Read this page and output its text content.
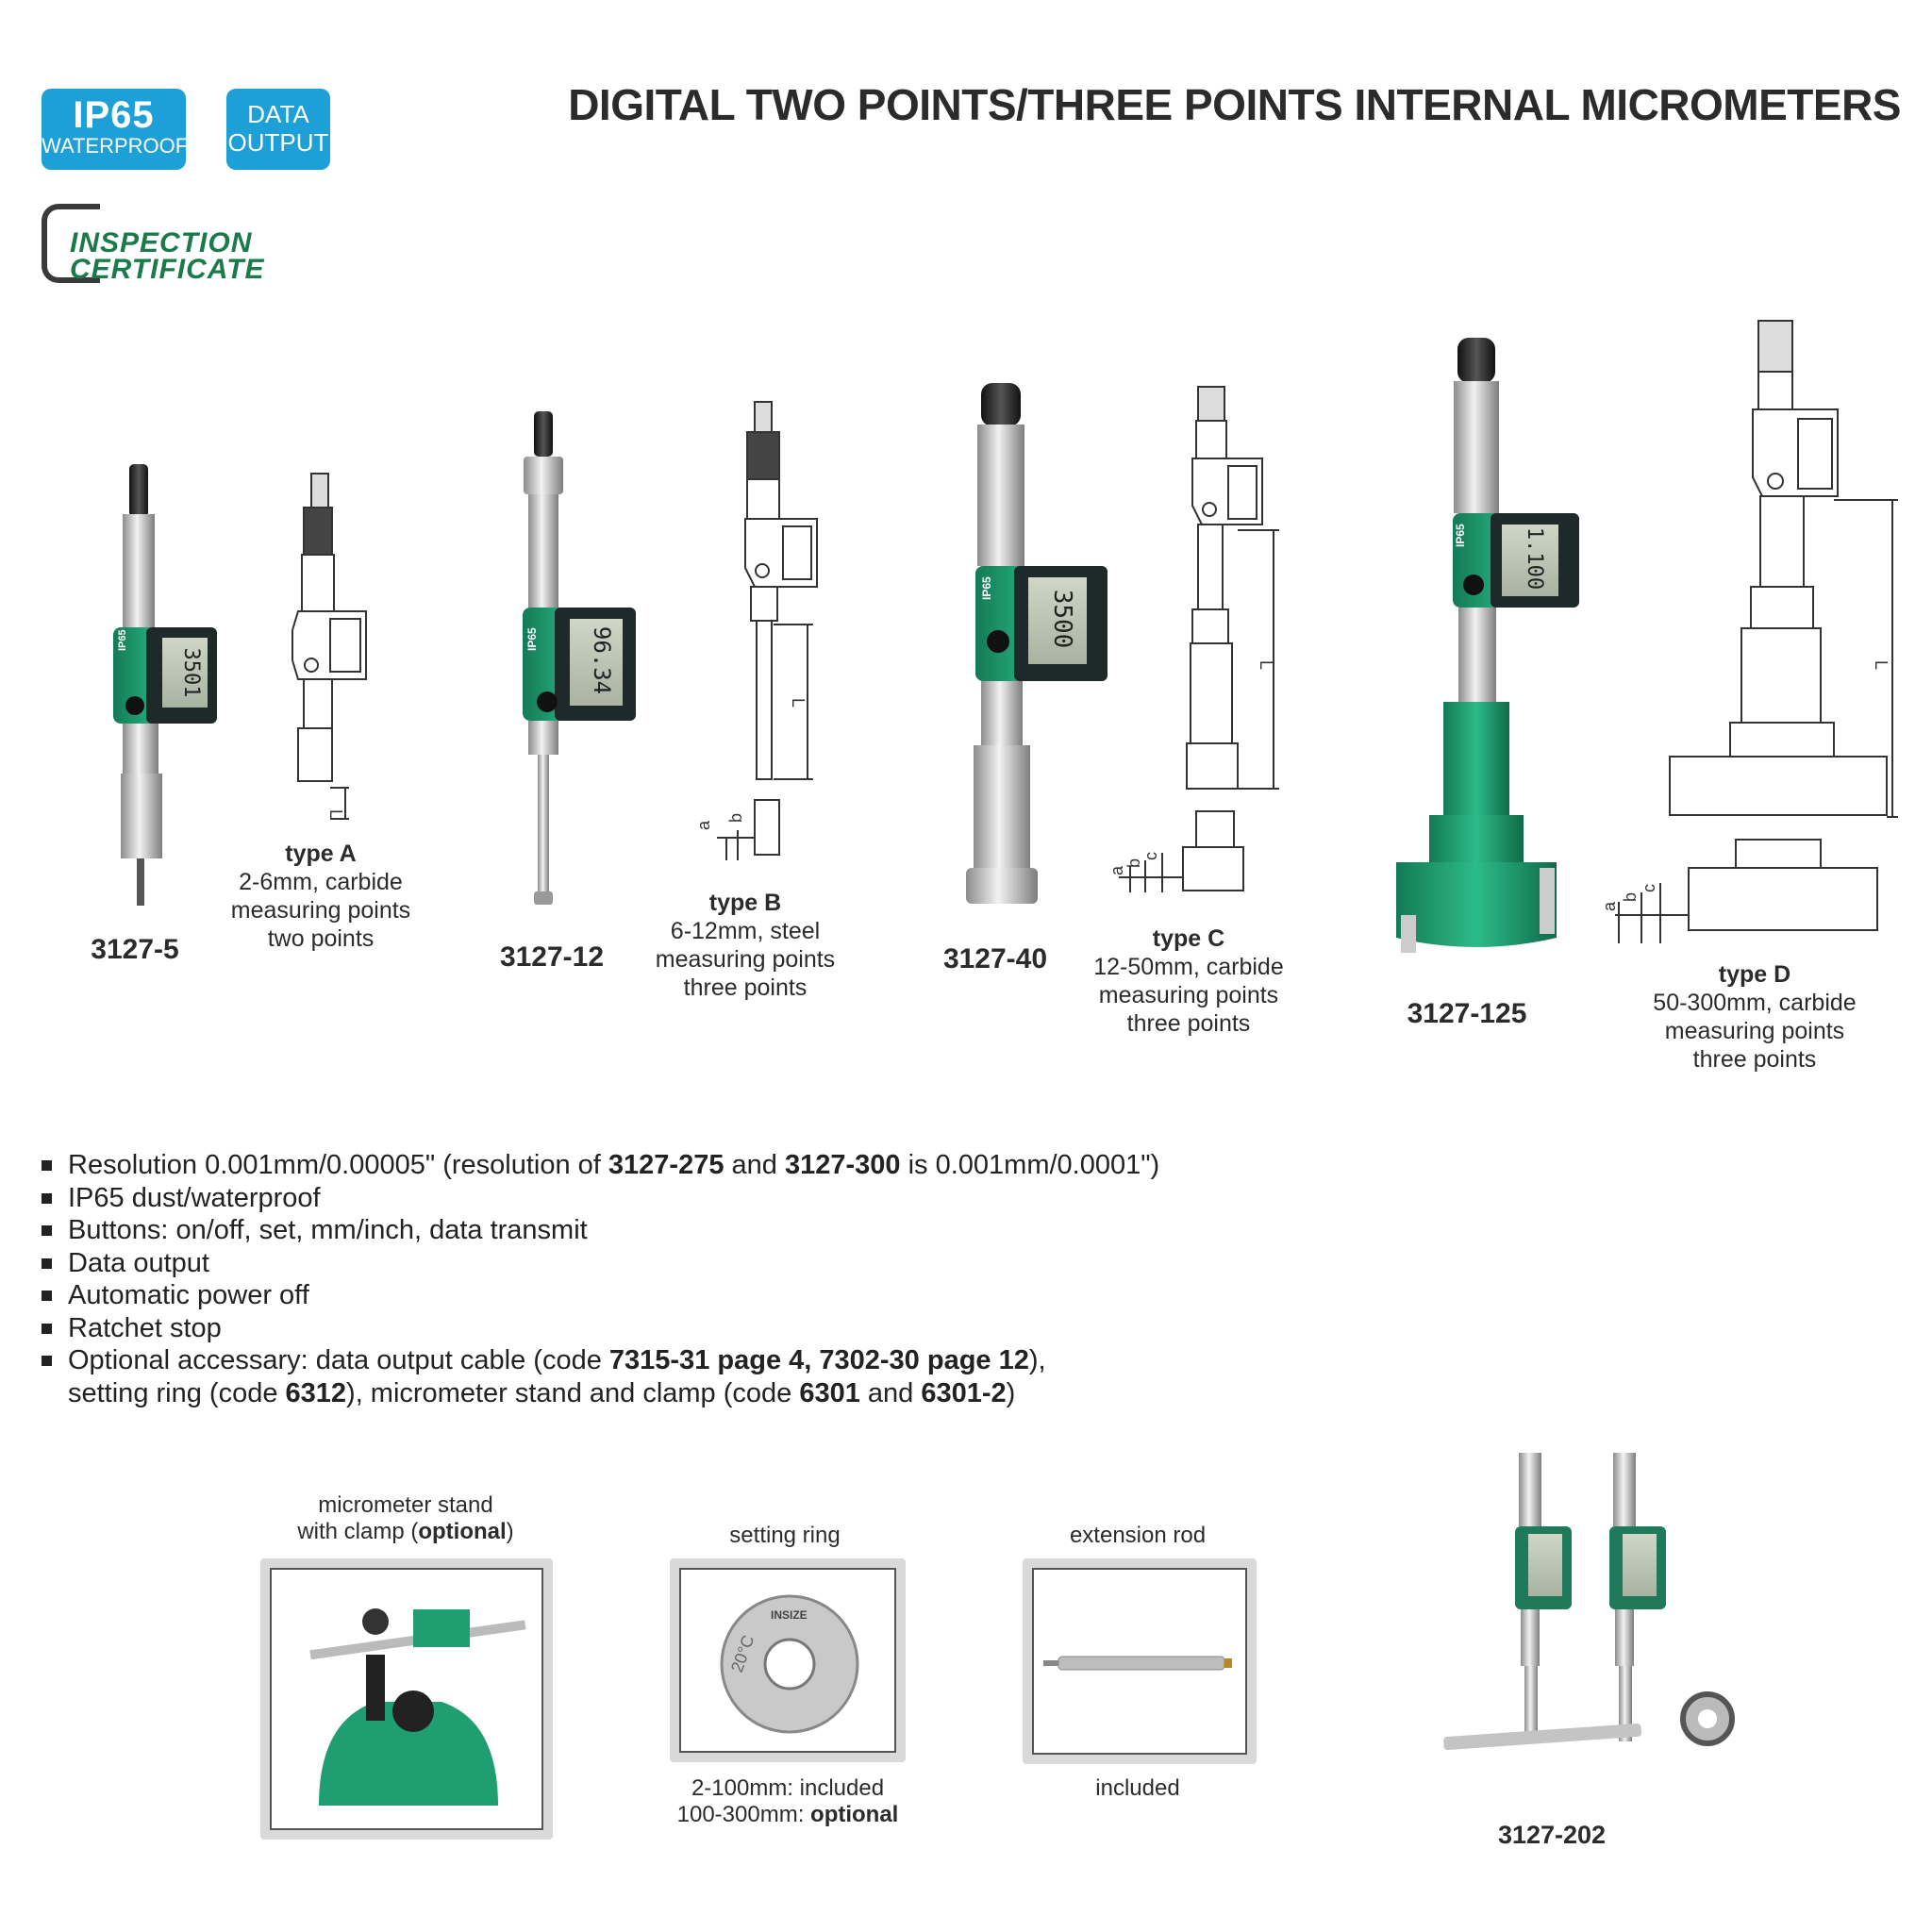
IP65
WATERPROOF
DATA
OUTPUT
DIGITAL TWO POINTS/THREE POINTS INTERNAL MICROMETERS
INSPECTION
CERTIFICATE
3501
IP65
L
96.34
IP65
L
a
b
3500
IP65
L
a
b
c
1.100
IP65
L
a
b
c
3127-5	3127-12	3127-40
3127-125
type A
2-6mm, carbide
measuring points
two points
type B
6-12mm, steel
measuring points
three points
type C
12-50mm, carbide
measuring points
three points
type D
50-300mm, carbide
measuring points
three points
Resolution 0.001mm/0.00005" (resolution of 3127-275 and 3127-300 is 0.001mm/0.0001")
IP65 dust/waterproof
Buttons: on/off, set, mm/inch, data transmit
Data output
Automatic power off
Ratchet stop
Optional accessary: data output cable (code 7315-31 page 4, 7302-30 page 12),
setting ring (code 6312), micrometer stand and clamp (code 6301 and 6301-2)
micrometer stand
with clamp (optional)	setting ring
20°C
INSIZE
2-100mm: included
100-300mm: optional
extension rod
included
3127-202
